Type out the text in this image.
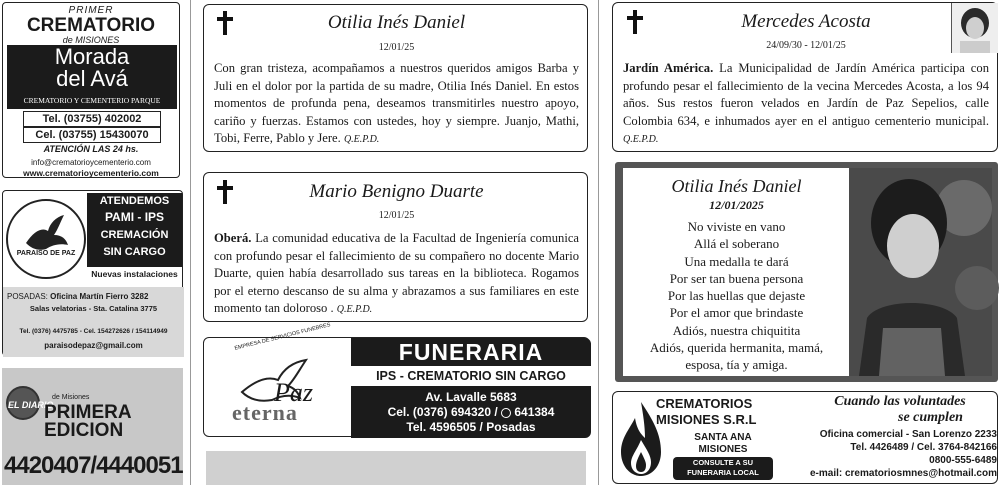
PRIMER
CREMATORIO
de MISIONES
Morada
del Avá
CREMATORIO Y CEMENTERIO PARQUE
Tel. (03755) 402002
Cel. (03755) 15430070
ATENCIÓN LAS 24 hs.
info@crematorioycementerio.com
www.crematorioycementerio.com
PARAISO DE PAZ
ATENDEMOS
PAMI - IPS
CREMACIÓN
SIN CARGO
Nuevas instalaciones
POSADAS: Oficina Martín Fierro 3282
Salas velatorias - Sta. Catalina 3775
Tel. (0376) 4475785 - Cel. 154272626 / 154114949
paraisodepaz@gmail.com
EL DIARIO
de Misiones
PRIMERA
EDICION
4420407/4440051
Otilia Inés Daniel
12/01/25
Con gran tristeza, acompañamos a nuestros queridos amigos Barba y Juli en el dolor por la partida de su madre, Otilia Inés Daniel. En estos momentos de profunda pena, deseamos transmitirles nuestro apoyo, cariño y fuerzas. Estamos con ustedes, hoy y siempre. Juanjo, Mathi, Tobi, Ferre, Pablo y Jere. Q.E.P.D.
Mario Benigno Duarte
12/01/25
Oberá. La comunidad educativa de la Facultad de Ingeniería comunica con profundo pesar el fallecimiento de su compañero no docente Mario Duarte, quien había desarrollado sus tareas en la biblioteca. Rogamos por el eterno descanso de su alma y abrazamos a sus familiares en este momento tan doloroso . Q.E.P.D.
EMPRESA DE SERVICIOS FUNEBRES
Paz
eterna
FUNERARIA
IPS - CREMATORIO SIN CARGO
Av. Lavalle 5683
Cel. (0376) 694320 / 641384
Tel. 4596505 / Posadas
Mercedes Acosta
24/09/30 - 12/01/25
Jardín América. La Municipalidad de Jardín América participa con profundo pesar el fallecimiento de la vecina Mercedes Acosta, a los 94 años. Sus restos fueron velados en Jardín de Paz Sepelios, calle Colombia 634, e inhumados ayer en el antiguo cementerio municipal. Q.E.P.D.
Otilia Inés Daniel
12/01/2025
No viviste en vano
Allá el soberano
Una medalla te dará
Por ser tan buena persona
Por las huellas que dejaste
Por el amor que brindaste
Adiós, nuestra chiquitita
Adiós, querida hermanita, mamá,
esposa, tía y amiga.
CREMATORIOS
MISIONES S.R.L
SANTA ANA
MISIONES
CONSULTE A SU
FUNERARIA LOCAL
Cuando las voluntades
se cumplen
Oficina comercial - San Lorenzo 2233
Tel. 4426489 / Cel. 3764-842166
0800-555-6489
e-mail: crematoriosmnes@hotmail.com
